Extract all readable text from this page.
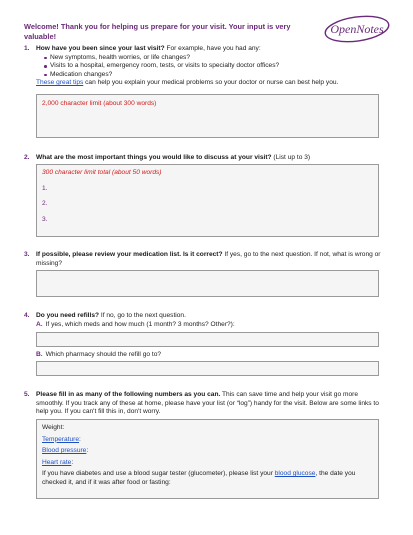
Welcome! Thank you for helping us prepare for your visit. Your input is very valuable!
OpenNotes
1. How have you been since your last visit? For example, have you had any:
New symptoms, health worries, or life changes?
Visits to a hospital, emergency room, tests, or visits to specialty doctor offices?
Medication changes?
These great tips can help you explain your medical problems so your doctor or nurse can best help you.
2,000 character limit (about 300 words)
2. What are the most important things you would like to discuss at your visit? (List up to 3)
300 character limit total (about 50 words)
1.
2.
3.
3. If possible, please review your medication list. Is it correct? If yes, go to the next question. If not, what is wrong or missing?
4. Do you need refills? If no, go to the next question.
A. If yes, which meds and how much (1 month? 3 months? Other?):
B. Which pharmacy should the refill go to?
5. Please fill in as many of the following numbers as you can. This can save time and help your visit go more smoothly. If you track any of these at home, please have your list (or “log”) handy for the visit. Below are some links to help you. If you can't fill this in, don't worry.
Weight:
Temperature:
Blood pressure:
Heart rate:
If you have diabetes and use a blood sugar tester (glucometer), please list your blood glucose, the date you checked it, and if it was after food or fasting:
